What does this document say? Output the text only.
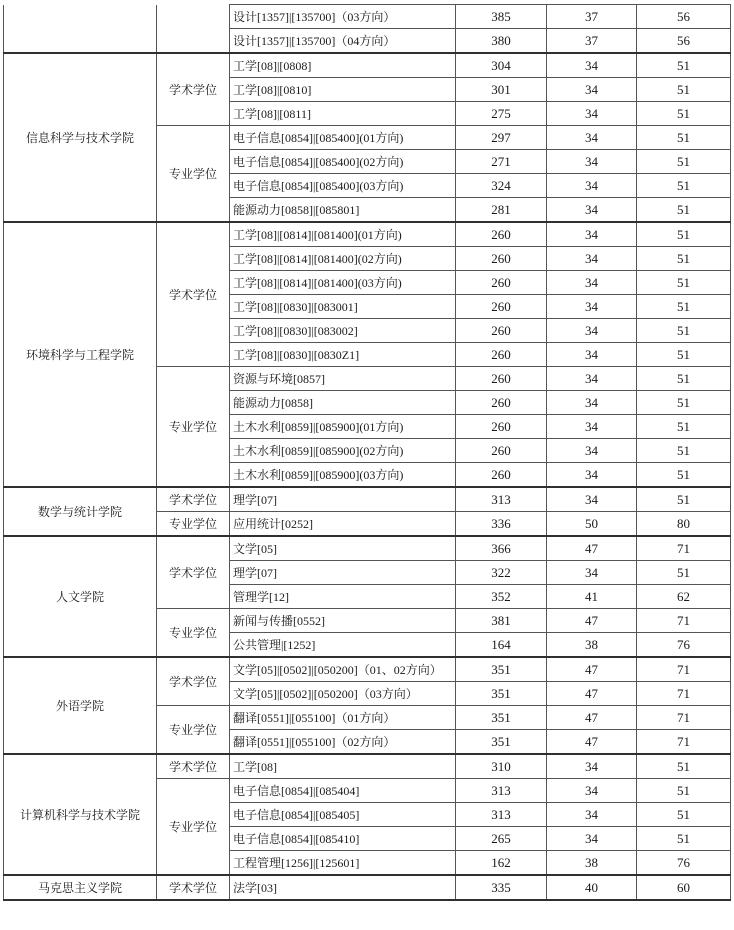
		设计[1357]|[135700]（03方向）	385	37	56
		设计[1357]|[135700]（04方向）	380	37	56
信息科学与技术学院	学术学位	工学[08]|[0808]	304	34	51
		工学[08]|[0810]	301	34	51
		工学[08]|[0811]	275	34	51
	专业学位	电子信息[0854]|[085400](01方向)	297	34	51
		电子信息[0854]|[085400](02方向)	271	34	51
		电子信息[0854]|[085400](03方向)	324	34	51
		能源动力[0858]|[085801]	281	34	51
环境科学与工程学院	学术学位	工学[08]|[0814]|[081400](01方向)	260	34	51
		工学[08]|[0814]|[081400](02方向)	260	34	51
		工学[08]|[0814]|[081400](03方向)	260	34	51
		工学[08]|[0830]|[083001]	260	34	51
		工学[08]|[0830]|[083002]	260	34	51
		工学[08]|[0830]|[0830Z1]	260	34	51
	专业学位	资源与环境[0857]	260	34	51
		能源动力[0858]	260	34	51
		土木水利[0859]|[085900](01方向)	260	34	51
		土木水利[0859]|[085900](02方向)	260	34	51
		土木水利[0859]|[085900](03方向)	260	34	51
数学与统计学院	学术学位	理学[07]	313	34	51
	专业学位	应用统计[0252]	336	50	80
人文学院	学术学位	文学[05]	366	47	71
		理学[07]	322	34	51
		管理学[12]	352	41	62
	专业学位	新闻与传播[0552]	381	47	71
		公共管理|[1252]	164	38	76
外语学院	学术学位	文学[05]|[0502]|[050200]（01、02方向）	351	47	71
		文学[05]|[0502]|[050200]（03方向）	351	47	71
	专业学位	翻译[0551]|[055100]（01方向）	351	47	71
		翻译[0551]|[055100]（02方向）	351	47	71
计算机科学与技术学院	学术学位	工学[08]	310	34	51
	专业学位	电子信息[0854]|[085404]	313	34	51
		电子信息[0854]|[085405]	313	34	51
		电子信息[0854]|[085410]	265	34	51
		工程管理[1256]|[125601]	162	38	76
马克思主义学院	学术学位	法学[03]	335	40	60
